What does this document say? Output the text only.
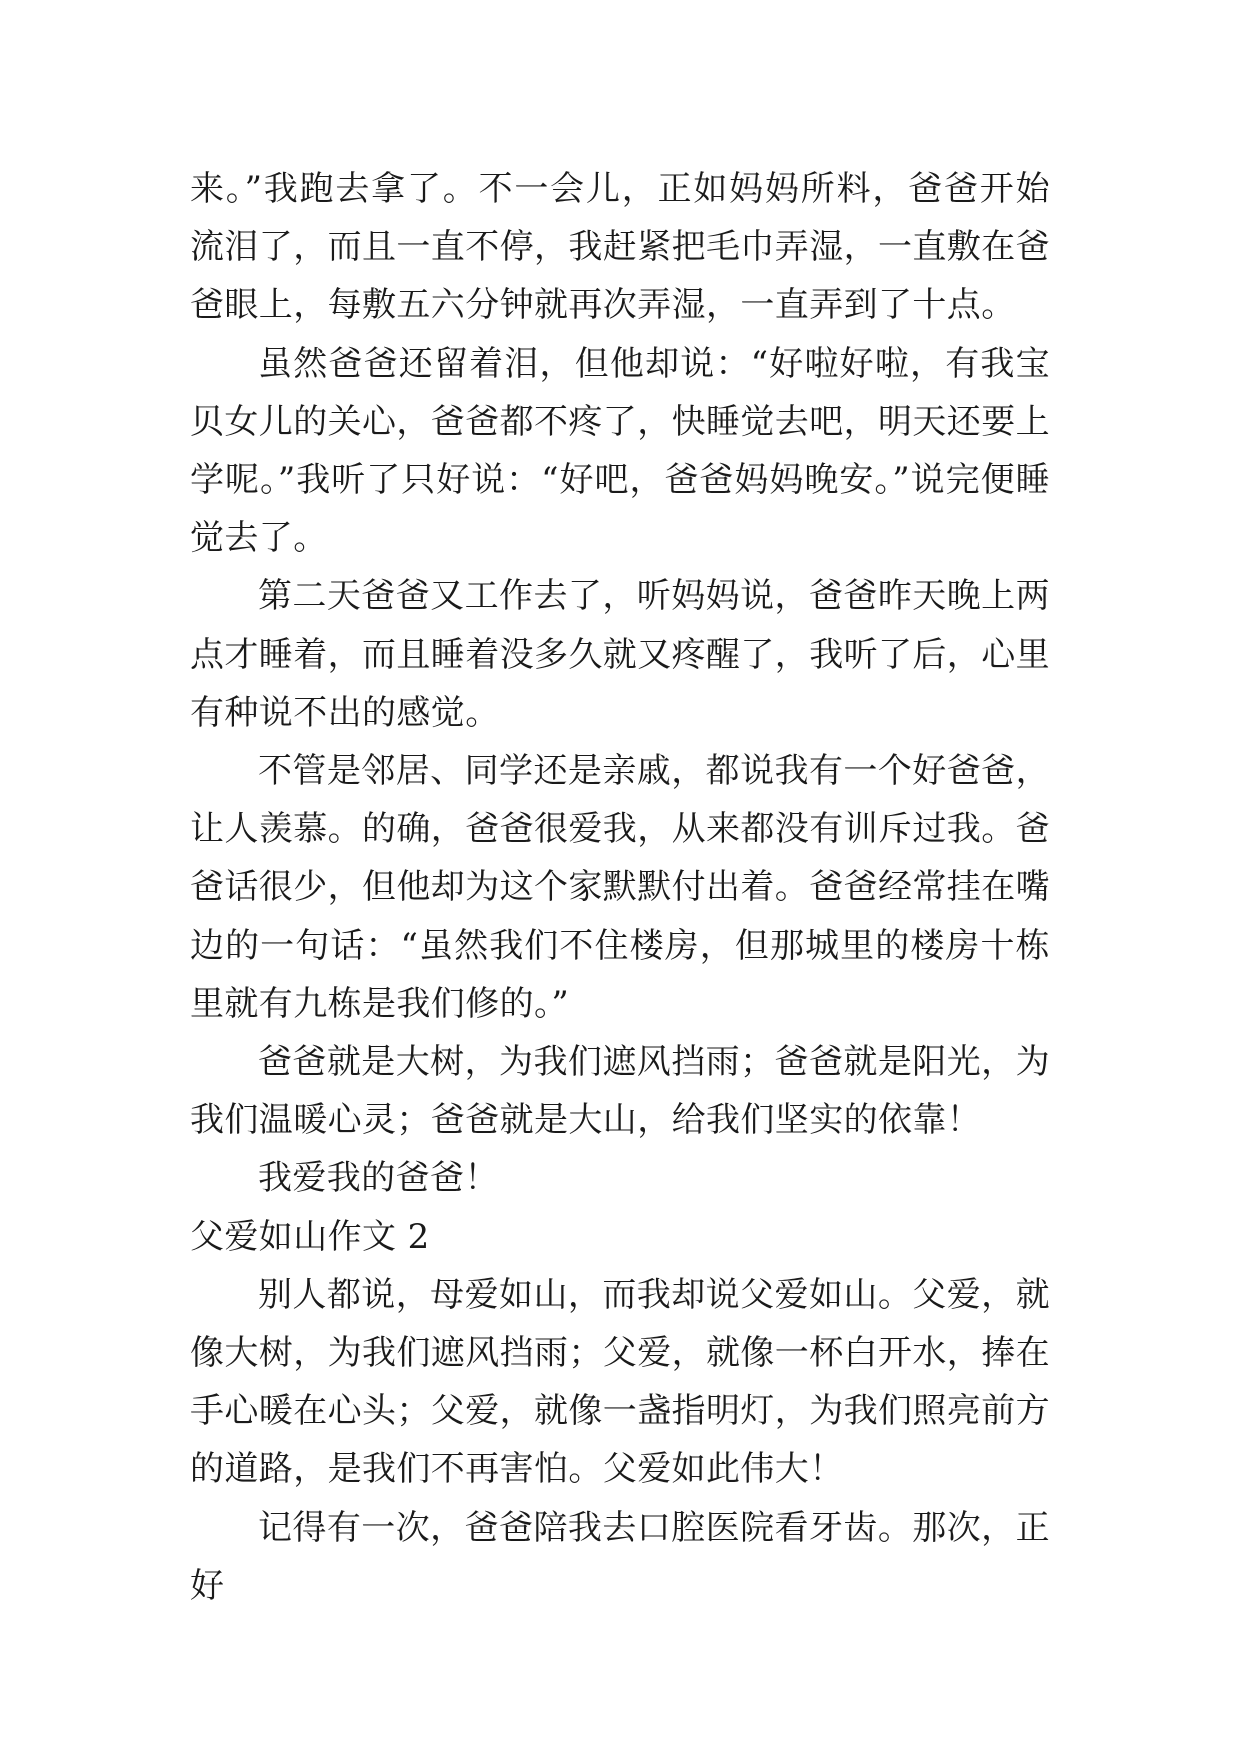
来。”我跑去拿了。不一会儿，正如妈妈所料，爸爸开始流泪了，而且一直不停，我赶紧把毛巾弄湿，一直敷在爸爸眼上，每敷五六分钟就再次弄湿，一直弄到了十点。

虽然爸爸还留着泪，但他却说：“好啦好啦，有我宝贝女儿的关心，爸爸都不疼了，快睡觉去吧，明天还要上学呢。”我听了只好说：“好吧，爸爸妈妈晚安。”说完便睡觉去了。

第二天爸爸又工作去了，听妈妈说，爸爸昨天晚上两点才睡着，而且睡着没多久就又疼醒了，我听了后，心里有种说不出的感觉。

不管是邻居、同学还是亲戚，都说我有一个好爸爸，让人羡慕。的确，爸爸很爱我，从来都没有训斥过我。爸爸话很少，但他却为这个家默默付出着。爸爸经常挂在嘴边的一句话：“虽然我们不住楼房，但那城里的楼房十栋里就有九栋是我们修的。”

爸爸就是大树，为我们遮风挡雨；爸爸就是阳光，为我们温暖心灵；爸爸就是大山，给我们坚实的依靠！

我爱我的爸爸！

父爱如山作文 2

别人都说，母爱如山，而我却说父爱如山。父爱，就像大树，为我们遮风挡雨；父爱，就像一杯白开水，捧在手心暖在心头；父爱，就像一盏指明灯，为我们照亮前方的道路，是我们不再害怕。父爱如此伟大！

记得有一次，爸爸陪我去口腔医院看牙齿。那次，正好
